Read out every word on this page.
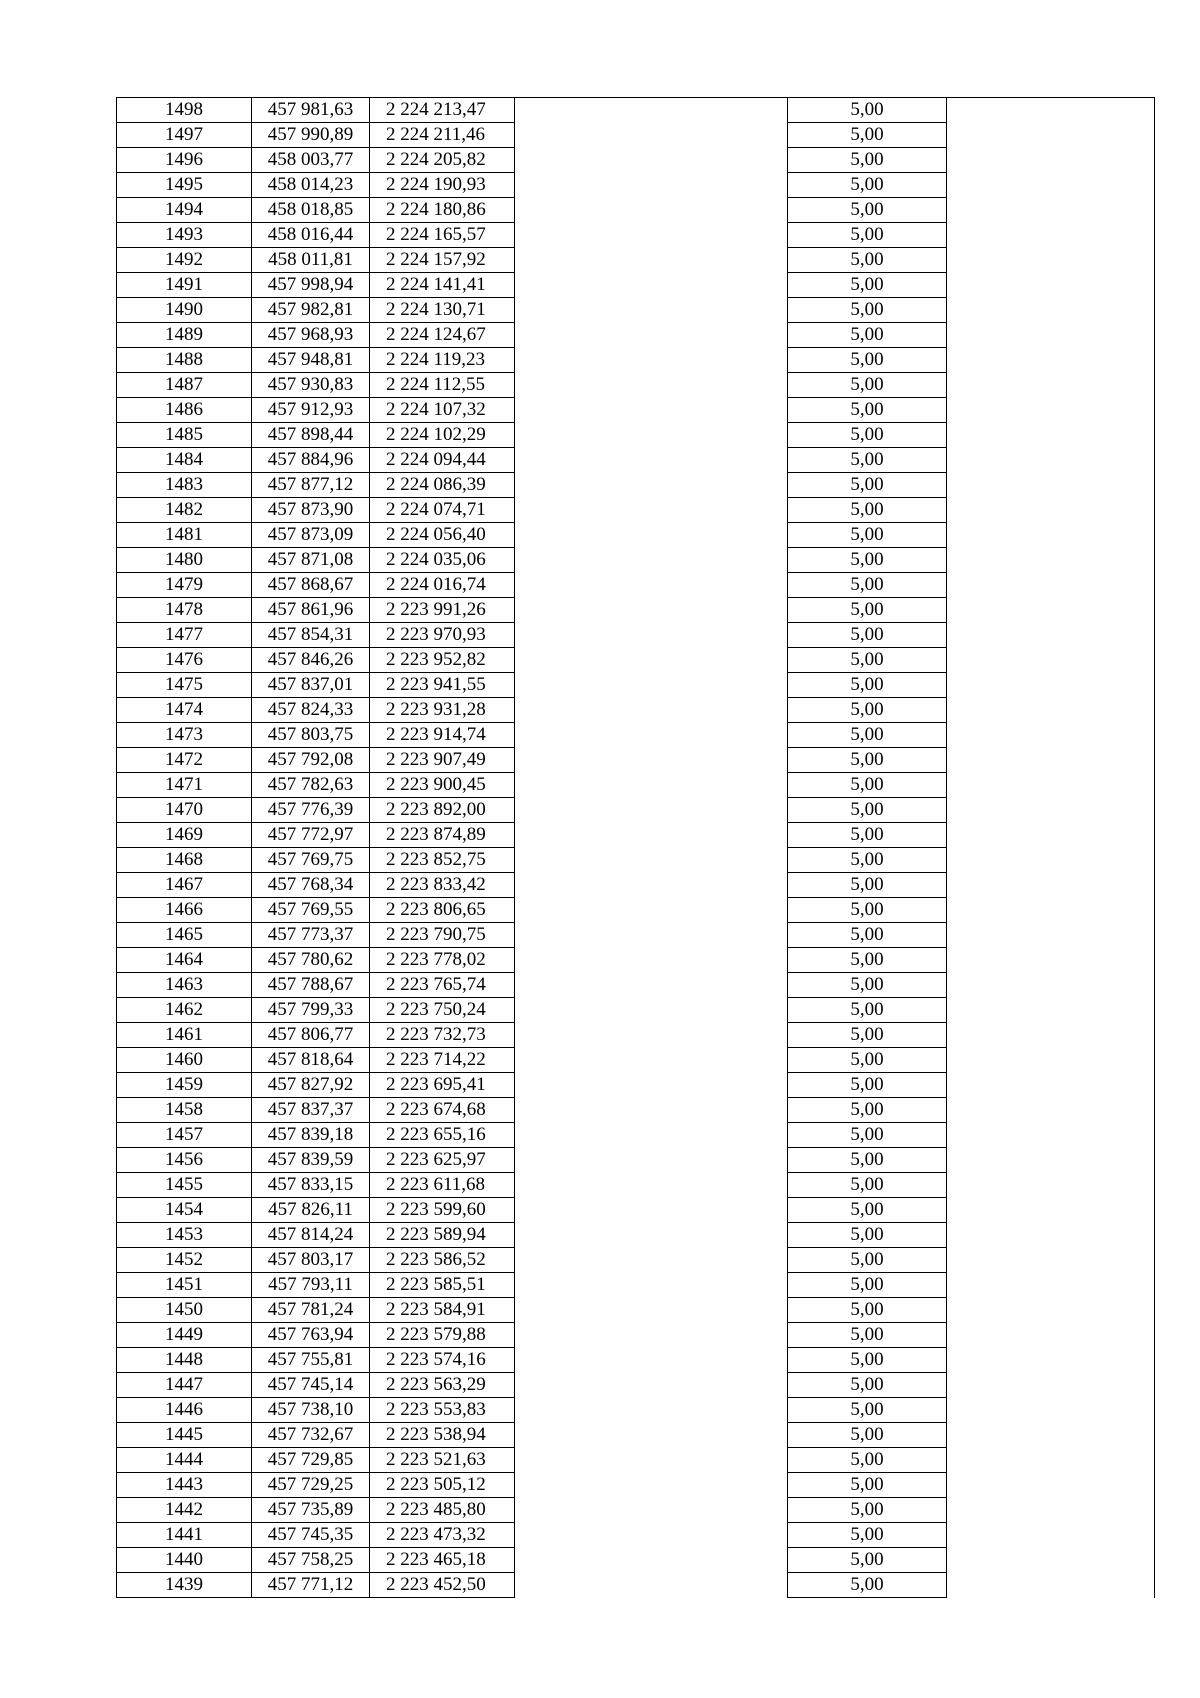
1498	457 981,63	2 224 213,47		5,00	
1497	457 990,89	2 224 211,46		5,00	
1496	458 003,77	2 224 205,82		5,00	
1495	458 014,23	2 224 190,93		5,00	
1494	458 018,85	2 224 180,86		5,00	
1493	458 016,44	2 224 165,57		5,00	
1492	458 011,81	2 224 157,92		5,00	
1491	457 998,94	2 224 141,41		5,00	
1490	457 982,81	2 224 130,71		5,00	
1489	457 968,93	2 224 124,67		5,00	
1488	457 948,81	2 224 119,23		5,00	
1487	457 930,83	2 224 112,55		5,00	
1486	457 912,93	2 224 107,32		5,00	
1485	457 898,44	2 224 102,29		5,00	
1484	457 884,96	2 224 094,44		5,00	
1483	457 877,12	2 224 086,39		5,00	
1482	457 873,90	2 224 074,71		5,00	
1481	457 873,09	2 224 056,40		5,00	
1480	457 871,08	2 224 035,06		5,00	
1479	457 868,67	2 224 016,74		5,00	
1478	457 861,96	2 223 991,26		5,00	
1477	457 854,31	2 223 970,93		5,00	
1476	457 846,26	2 223 952,82		5,00	
1475	457 837,01	2 223 941,55		5,00	
1474	457 824,33	2 223 931,28		5,00	
1473	457 803,75	2 223 914,74		5,00	
1472	457 792,08	2 223 907,49		5,00	
1471	457 782,63	2 223 900,45		5,00	
1470	457 776,39	2 223 892,00		5,00	
1469	457 772,97	2 223 874,89		5,00	
1468	457 769,75	2 223 852,75		5,00	
1467	457 768,34	2 223 833,42		5,00	
1466	457 769,55	2 223 806,65		5,00	
1465	457 773,37	2 223 790,75		5,00	
1464	457 780,62	2 223 778,02		5,00	
1463	457 788,67	2 223 765,74		5,00	
1462	457 799,33	2 223 750,24		5,00	
1461	457 806,77	2 223 732,73		5,00	
1460	457 818,64	2 223 714,22		5,00	
1459	457 827,92	2 223 695,41		5,00	
1458	457 837,37	2 223 674,68		5,00	
1457	457 839,18	2 223 655,16		5,00	
1456	457 839,59	2 223 625,97		5,00	
1455	457 833,15	2 223 611,68		5,00	
1454	457 826,11	2 223 599,60		5,00	
1453	457 814,24	2 223 589,94		5,00	
1452	457 803,17	2 223 586,52		5,00	
1451	457 793,11	2 223 585,51		5,00	
1450	457 781,24	2 223 584,91		5,00	
1449	457 763,94	2 223 579,88		5,00	
1448	457 755,81	2 223 574,16		5,00	
1447	457 745,14	2 223 563,29		5,00	
1446	457 738,10	2 223 553,83		5,00	
1445	457 732,67	2 223 538,94		5,00	
1444	457 729,85	2 223 521,63		5,00	
1443	457 729,25	2 223 505,12		5,00	
1442	457 735,89	2 223 485,80		5,00	
1441	457 745,35	2 223 473,32		5,00	
1440	457 758,25	2 223 465,18		5,00	
1439	457 771,12	2 223 452,50		5,00	
